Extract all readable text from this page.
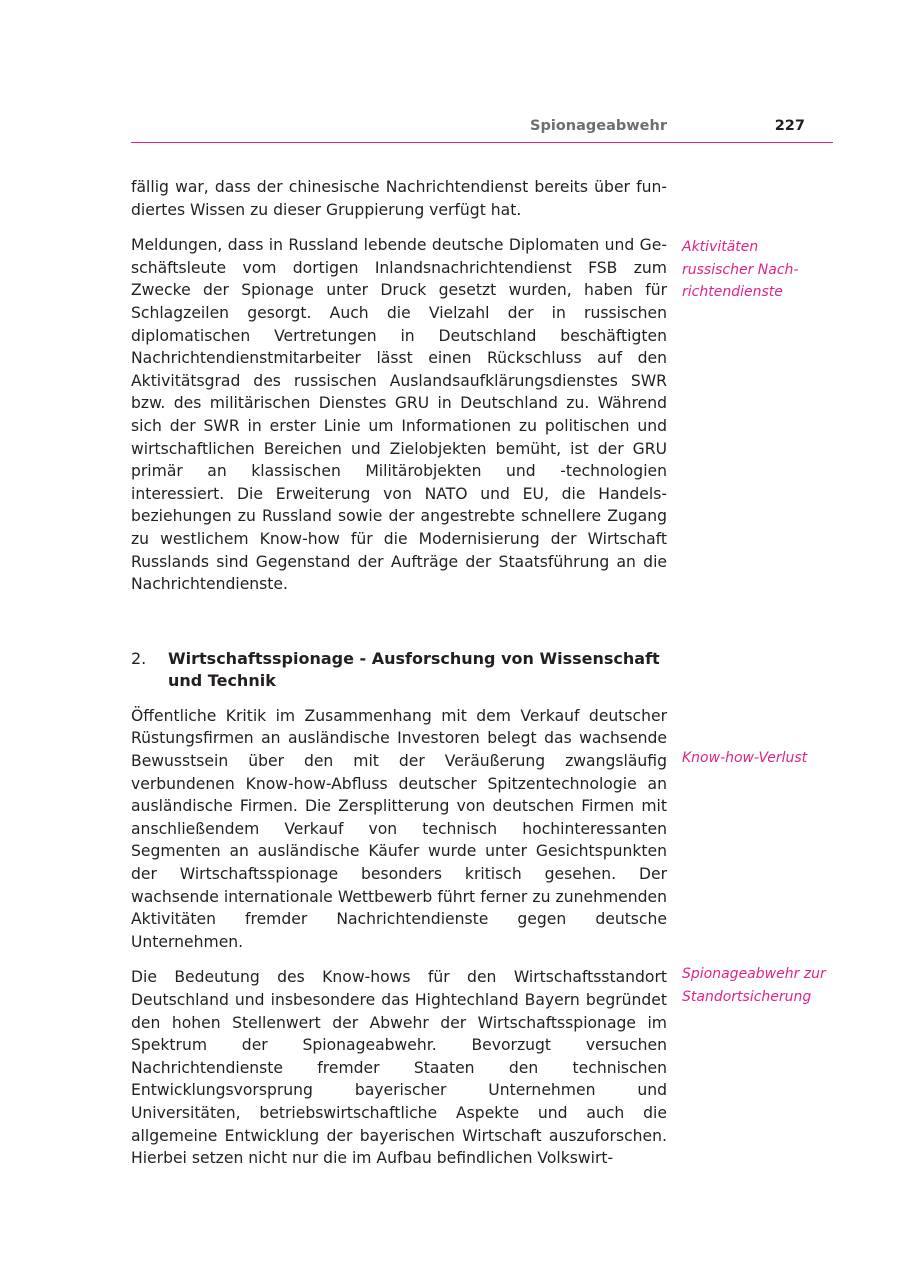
Spionageabwehr	227

fällig war, dass der chinesische Nachrichtendienst bereits über fundiertes Wissen zu dieser Gruppierung verfügt hat.

Meldungen, dass in Russland lebende deutsche Diplomaten und Geschäftsleute vom dortigen Inlandsnachrichtendienst FSB zum Zwecke der Spionage unter Druck gesetzt wurden, haben für Schlagzeilen gesorgt. Auch die Vielzahl der in russischen diplomatischen Vertretungen in Deutschland beschäftigten Nachrichtendienstmitarbeiter lässt einen Rückschluss auf den Aktivitätsgrad des russischen Auslandsaufklärungsdienstes SWR bzw. des militärischen Dienstes GRU in Deutschland zu. Während sich der SWR in erster Linie um Informationen zu politischen und wirtschaftlichen Bereichen und Zielobjekten bemüht, ist der GRU primär an klassischen Militärobjekten und -technologien interessiert. Die Erweiterung von NATO und EU, die Handelsbeziehungen zu Russland sowie der angestrebte schnellere Zugang zu westlichem Know-how für die Modernisierung der Wirtschaft Russlands sind Gegenstand der Aufträge der Staatsführung an die Nachrichtendienste.

2.	Wirtschaftsspionage - Ausforschung von Wissenschaft und Technik

Öffentliche Kritik im Zusammenhang mit dem Verkauf deutscher Rüstungsfirmen an ausländische Investoren belegt das wachsende Bewusstsein über den mit der Veräußerung zwangsläufig verbundenen Know-how-Abfluss deutscher Spitzentechnologie an ausländische Firmen. Die Zersplitterung von deutschen Firmen mit anschließendem Verkauf von technisch hochinteressanten Segmenten an ausländische Käufer wurde unter Gesichtspunkten der Wirtschaftsspionage besonders kritisch gesehen. Der wachsende internationale Wettbewerb führt ferner zu zunehmenden Aktivitäten fremder Nachrichtendienste gegen deutsche Unternehmen.

Die Bedeutung des Know-hows für den Wirtschaftsstandort Deutschland und insbesondere das Hightechland Bayern begründet den hohen Stellenwert der Abwehr der Wirtschaftsspionage im Spektrum der Spionageabwehr. Bevorzugt versuchen Nachrichtendienste fremder Staaten den technischen Entwicklungsvorsprung bayerischer Unternehmen und Universitäten, betriebswirtschaftliche Aspekte und auch die allgemeine Entwicklung der bayerischen Wirtschaft auszuforschen. Hierbei setzen nicht nur die im Aufbau befindlichen Volkswirt-

Aktivitäten russischer Nachrichtendienste
Know-how-Verlust
Spionageabwehr zur Standortsicherung
